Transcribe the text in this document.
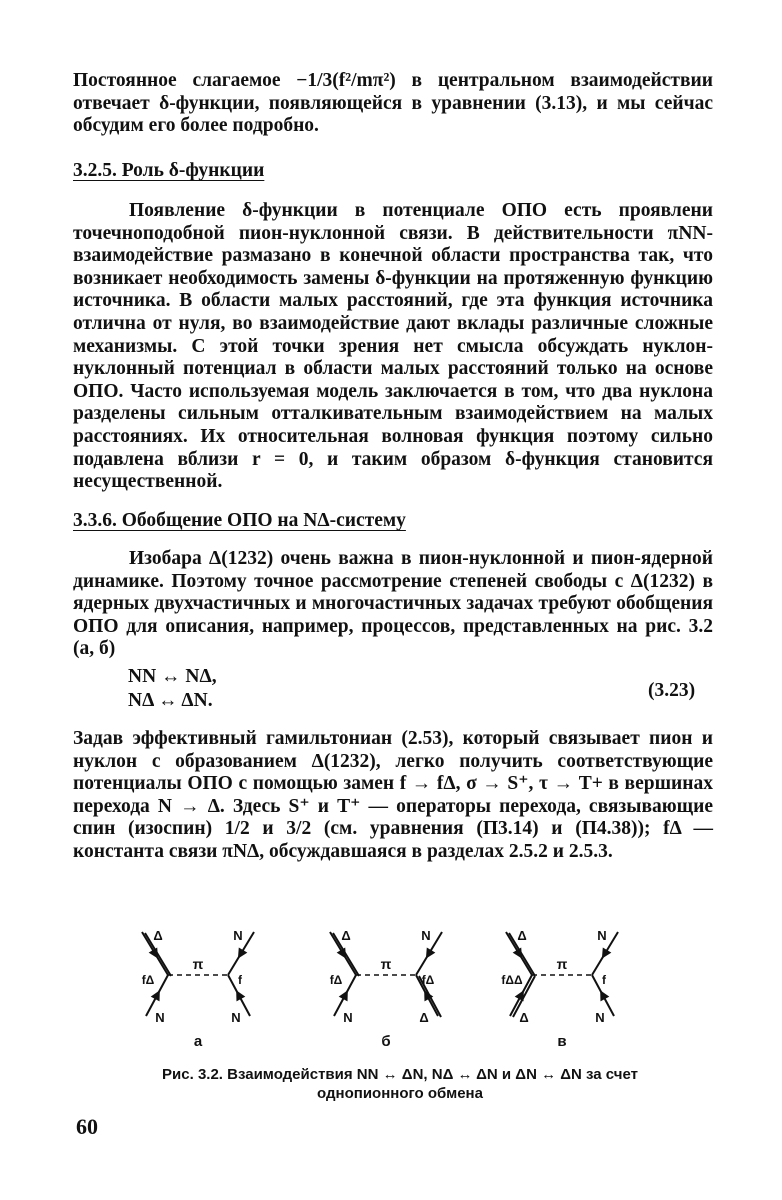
Постоянное слагаемое −1/3(f²/mπ²) в центральном взаимодействии отвечает δ-функции, появляющейся в уравнении (3.13), и мы сейчас обсудим его более подробно.

3.2.5. Роль δ-функции

Появление δ-функции в потенциале ОПО есть проявлени точечноподобной пион-нуклонной связи. В действительности πNN-взаимодействие размазано в конечной области пространства так, что возникает необходимость замены δ-функции на протяженную функцию источника. В области малых расстояний, где эта функция источника отлична от нуля, во взаимодействие дают вклады различные сложные механизмы. С этой точки зрения нет смысла обсуждать нуклон-нуклонный потенциал в области малых расстояний только на основе ОПО. Часто используемая модель заключается в том, что два нуклона разделены сильным отталкивательным взаимодействием на малых расстояниях. Их относительная волновая функция поэтому сильно подавлена вблизи r = 0, и таким образом δ-функция становится несущественной.

3.3.6. Обобщение ОПО на NΔ-систему

Изобара Δ(1232) очень важна в пион-нуклонной и пион-ядерной динамике. Поэтому точное рассмотрение степеней свободы с Δ(1232) в ядерных двухчастичных и многочастичных задачах требуют обобщения ОПО для описания, например, процессов, представленных на рис. 3.2 (а, б)

NN ↔ NΔ,
NΔ ↔ ΔN.	(3.23)

Задав эффективный гамильтониан (2.53), который связывает пион и нуклон с образованием Δ(1232), легко получить соответствующие потенциалы ОПО с помощью замен f → fΔ, σ → S⁺, τ → T+ в вершинах перехода N → Δ. Здесь S⁺ и T⁺ — операторы перехода, связывающие спин (изоспин) 1/2 и 3/2 (см. уравнения (П3.14) и (П4.38)); fΔ — константа связи πNΔ, обсуждавшаяся в разделах 2.5.2 и 2.5.3.

π
Δ	N
N	N
fΔ	f
а
π
Δ	N
N	Δ
fΔ	fΔ
б
π
Δ	N
Δ	N
fΔΔ	f
в
Рис. 3.2. Взаимодействия NN ↔ ΔN, NΔ ↔ ΔN и ΔN ↔ ΔN за счет
однопионного обмена
60
